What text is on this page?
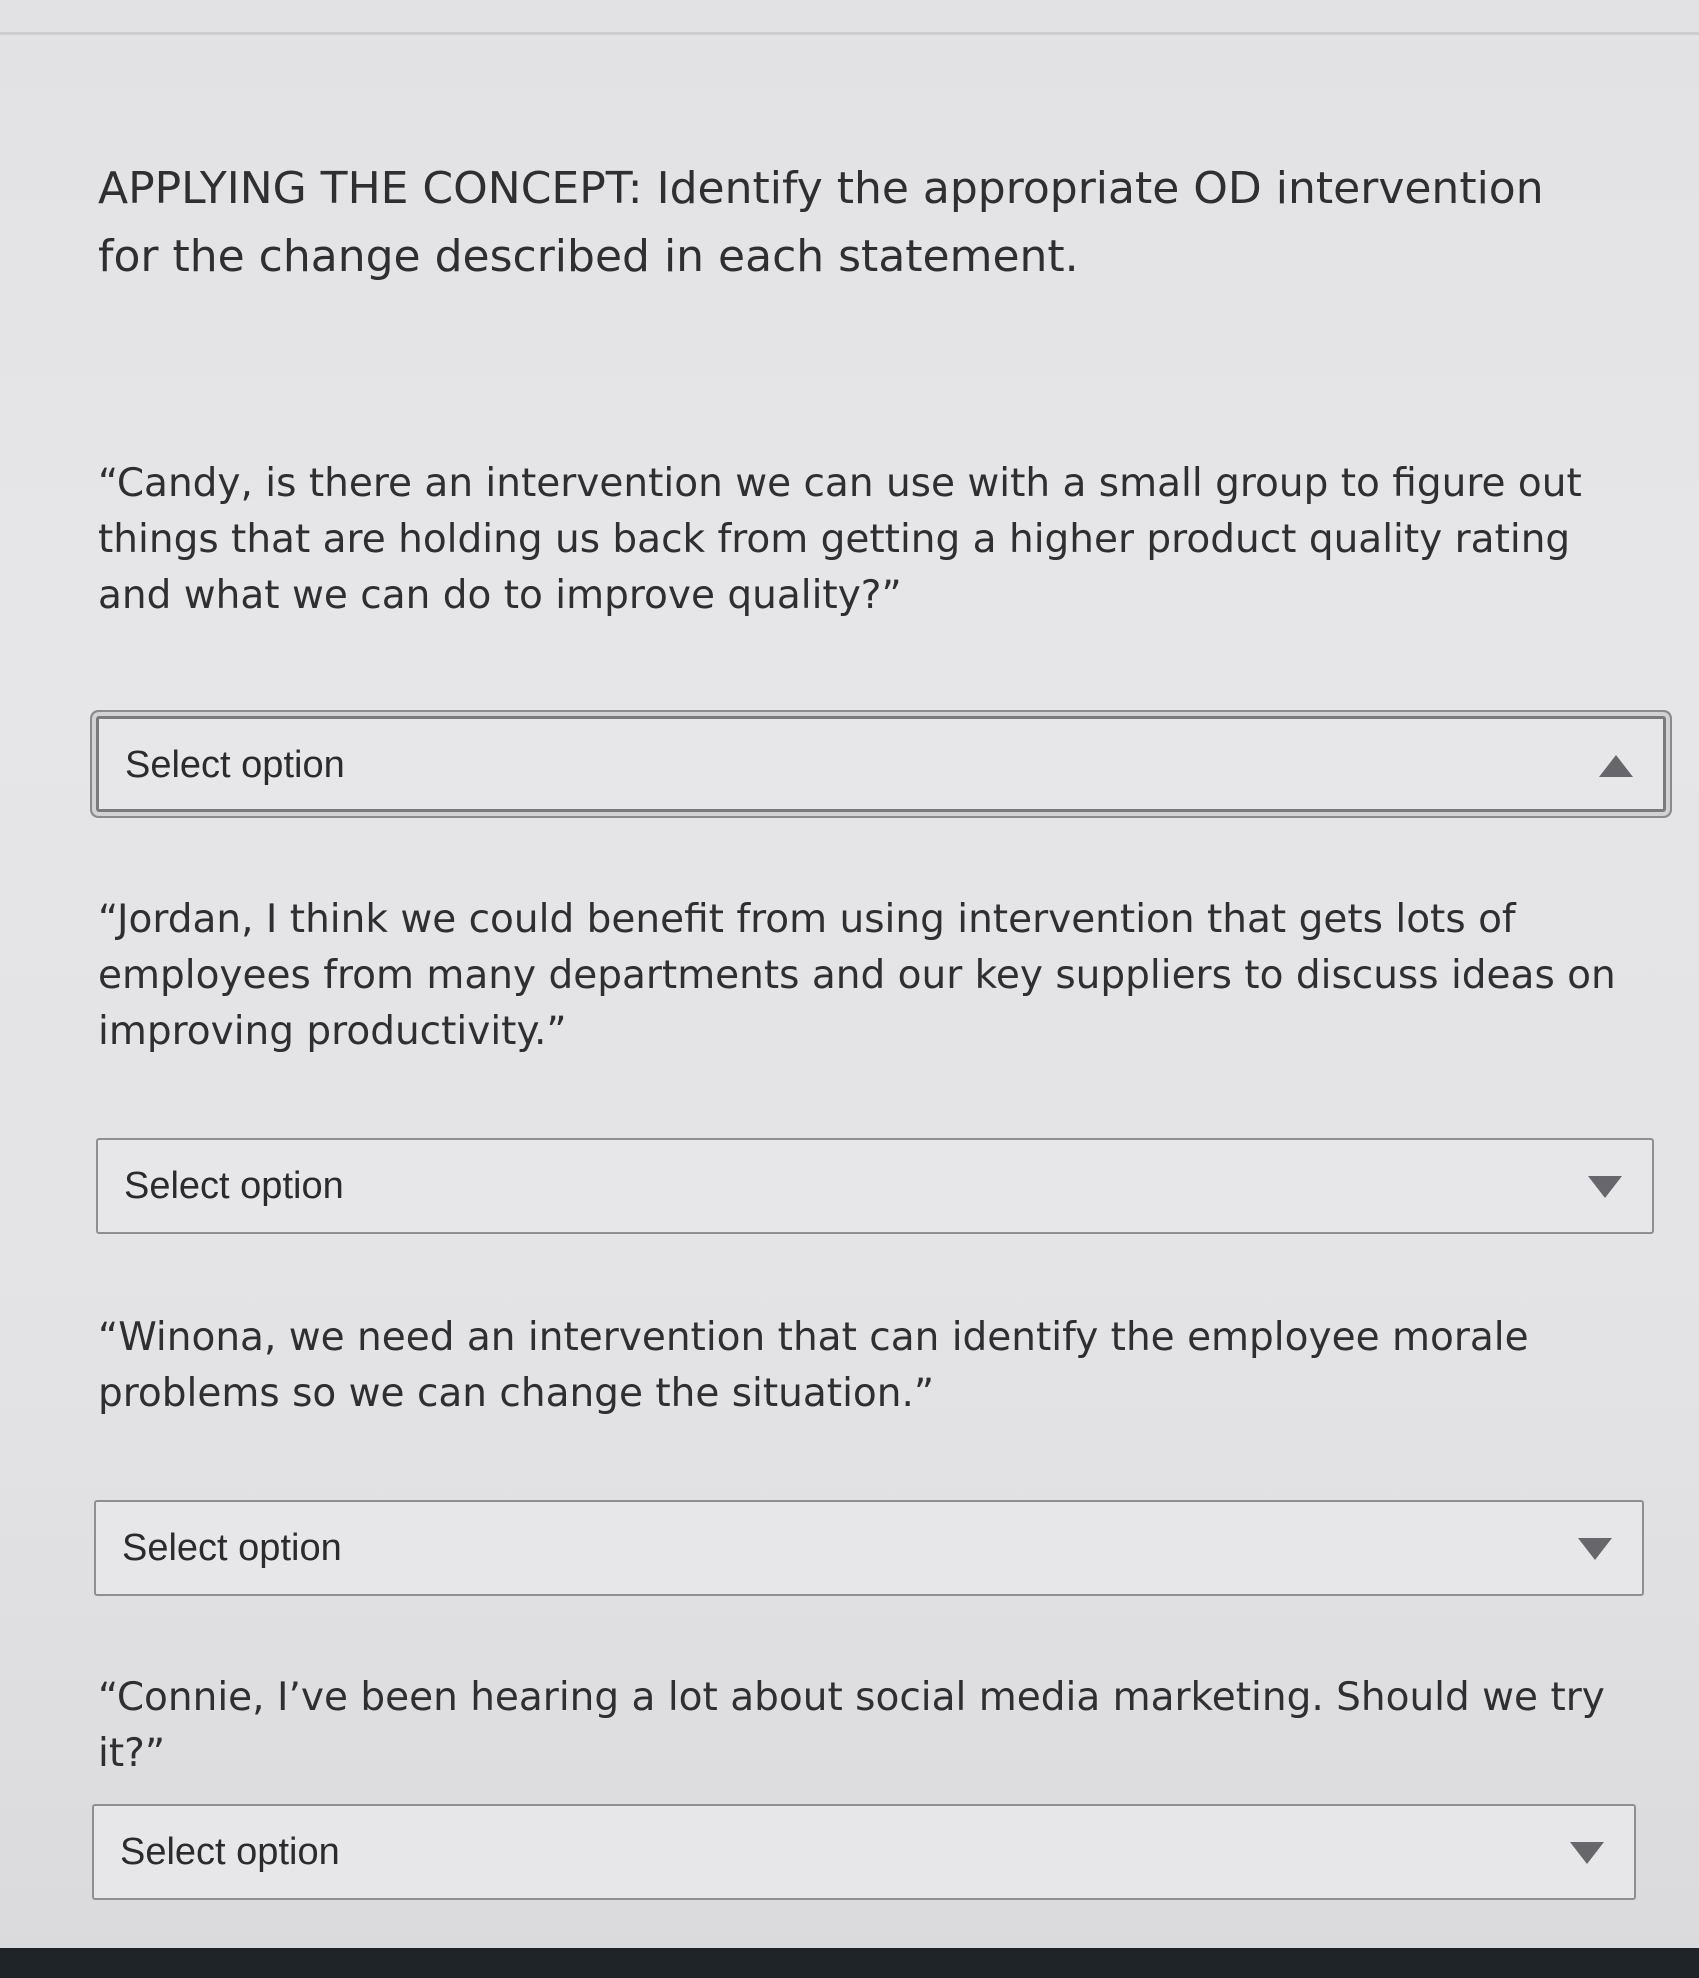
APPLYING THE CONCEPT: Identify the appropriate OD intervention for the change described in each statement.

“Candy, is there an intervention we can use with a small group to figure out things that are holding us back from getting a higher product quality rating and what we can do to improve quality?”

Select option

“Jordan, I think we could benefit from using intervention that gets lots of employees from many departments and our key suppliers to discuss ideas on improving productivity.”

Select option

“Winona, we need an intervention that can identify the employee morale problems so we can change the situation.”

Select option

“Connie, I’ve been hearing a lot about social media marketing. Should we try it?”

Select option
